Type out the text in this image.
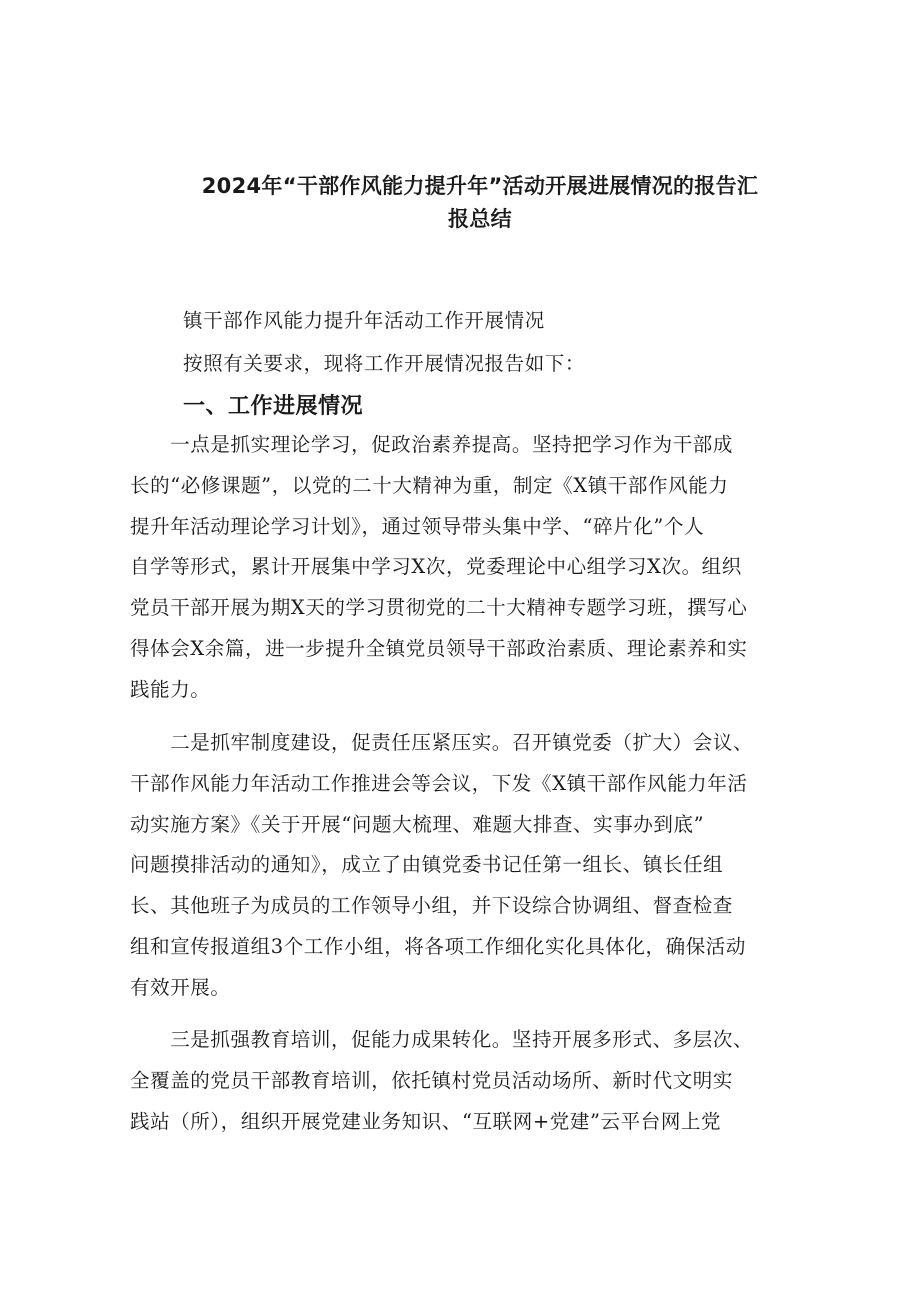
2024年“干部作风能力提升年”活动开展进展情况的报告汇
报总结
镇干部作风能力提升年活动工作开展情况
按照有关要求，现将工作开展情况报告如下：
一、工作进展情况
　　一点是抓实理论学习，促政治素养提高。坚持把学习作为干部成
长的“必修课题”，以党的二十大精神为重，制定《X镇干部作风能力
提升年活动理论学习计划》，通过领导带头集中学、“碎片化”个人
自学等形式，累计开展集中学习X次，党委理论中心组学习X次。组织
党员干部开展为期X天的学习贯彻党的二十大精神专题学习班，撰写心
得体会X余篇，进一步提升全镇党员领导干部政治素质、理论素养和实
践能力。
　　二是抓牢制度建设，促责任压紧压实。召开镇党委（扩大）会议、
干部作风能力年活动工作推进会等会议，下发《X镇干部作风能力年活
动实施方案》《关于开展“问题大梳理、难题大排查、实事办到底”
问题摸排活动的通知》，成立了由镇党委书记任第一组长、镇长任组
长、其他班子为成员的工作领导小组，并下设综合协调组、督查检查
组和宣传报道组3个工作小组，将各项工作细化实化具体化，确保活动
有效开展。
　　三是抓强教育培训，促能力成果转化。坚持开展多形式、多层次、
全覆盖的党员干部教育培训，依托镇村党员活动场所、新时代文明实
践站（所），组织开展党建业务知识、“互联网+党建”云平台网上党
